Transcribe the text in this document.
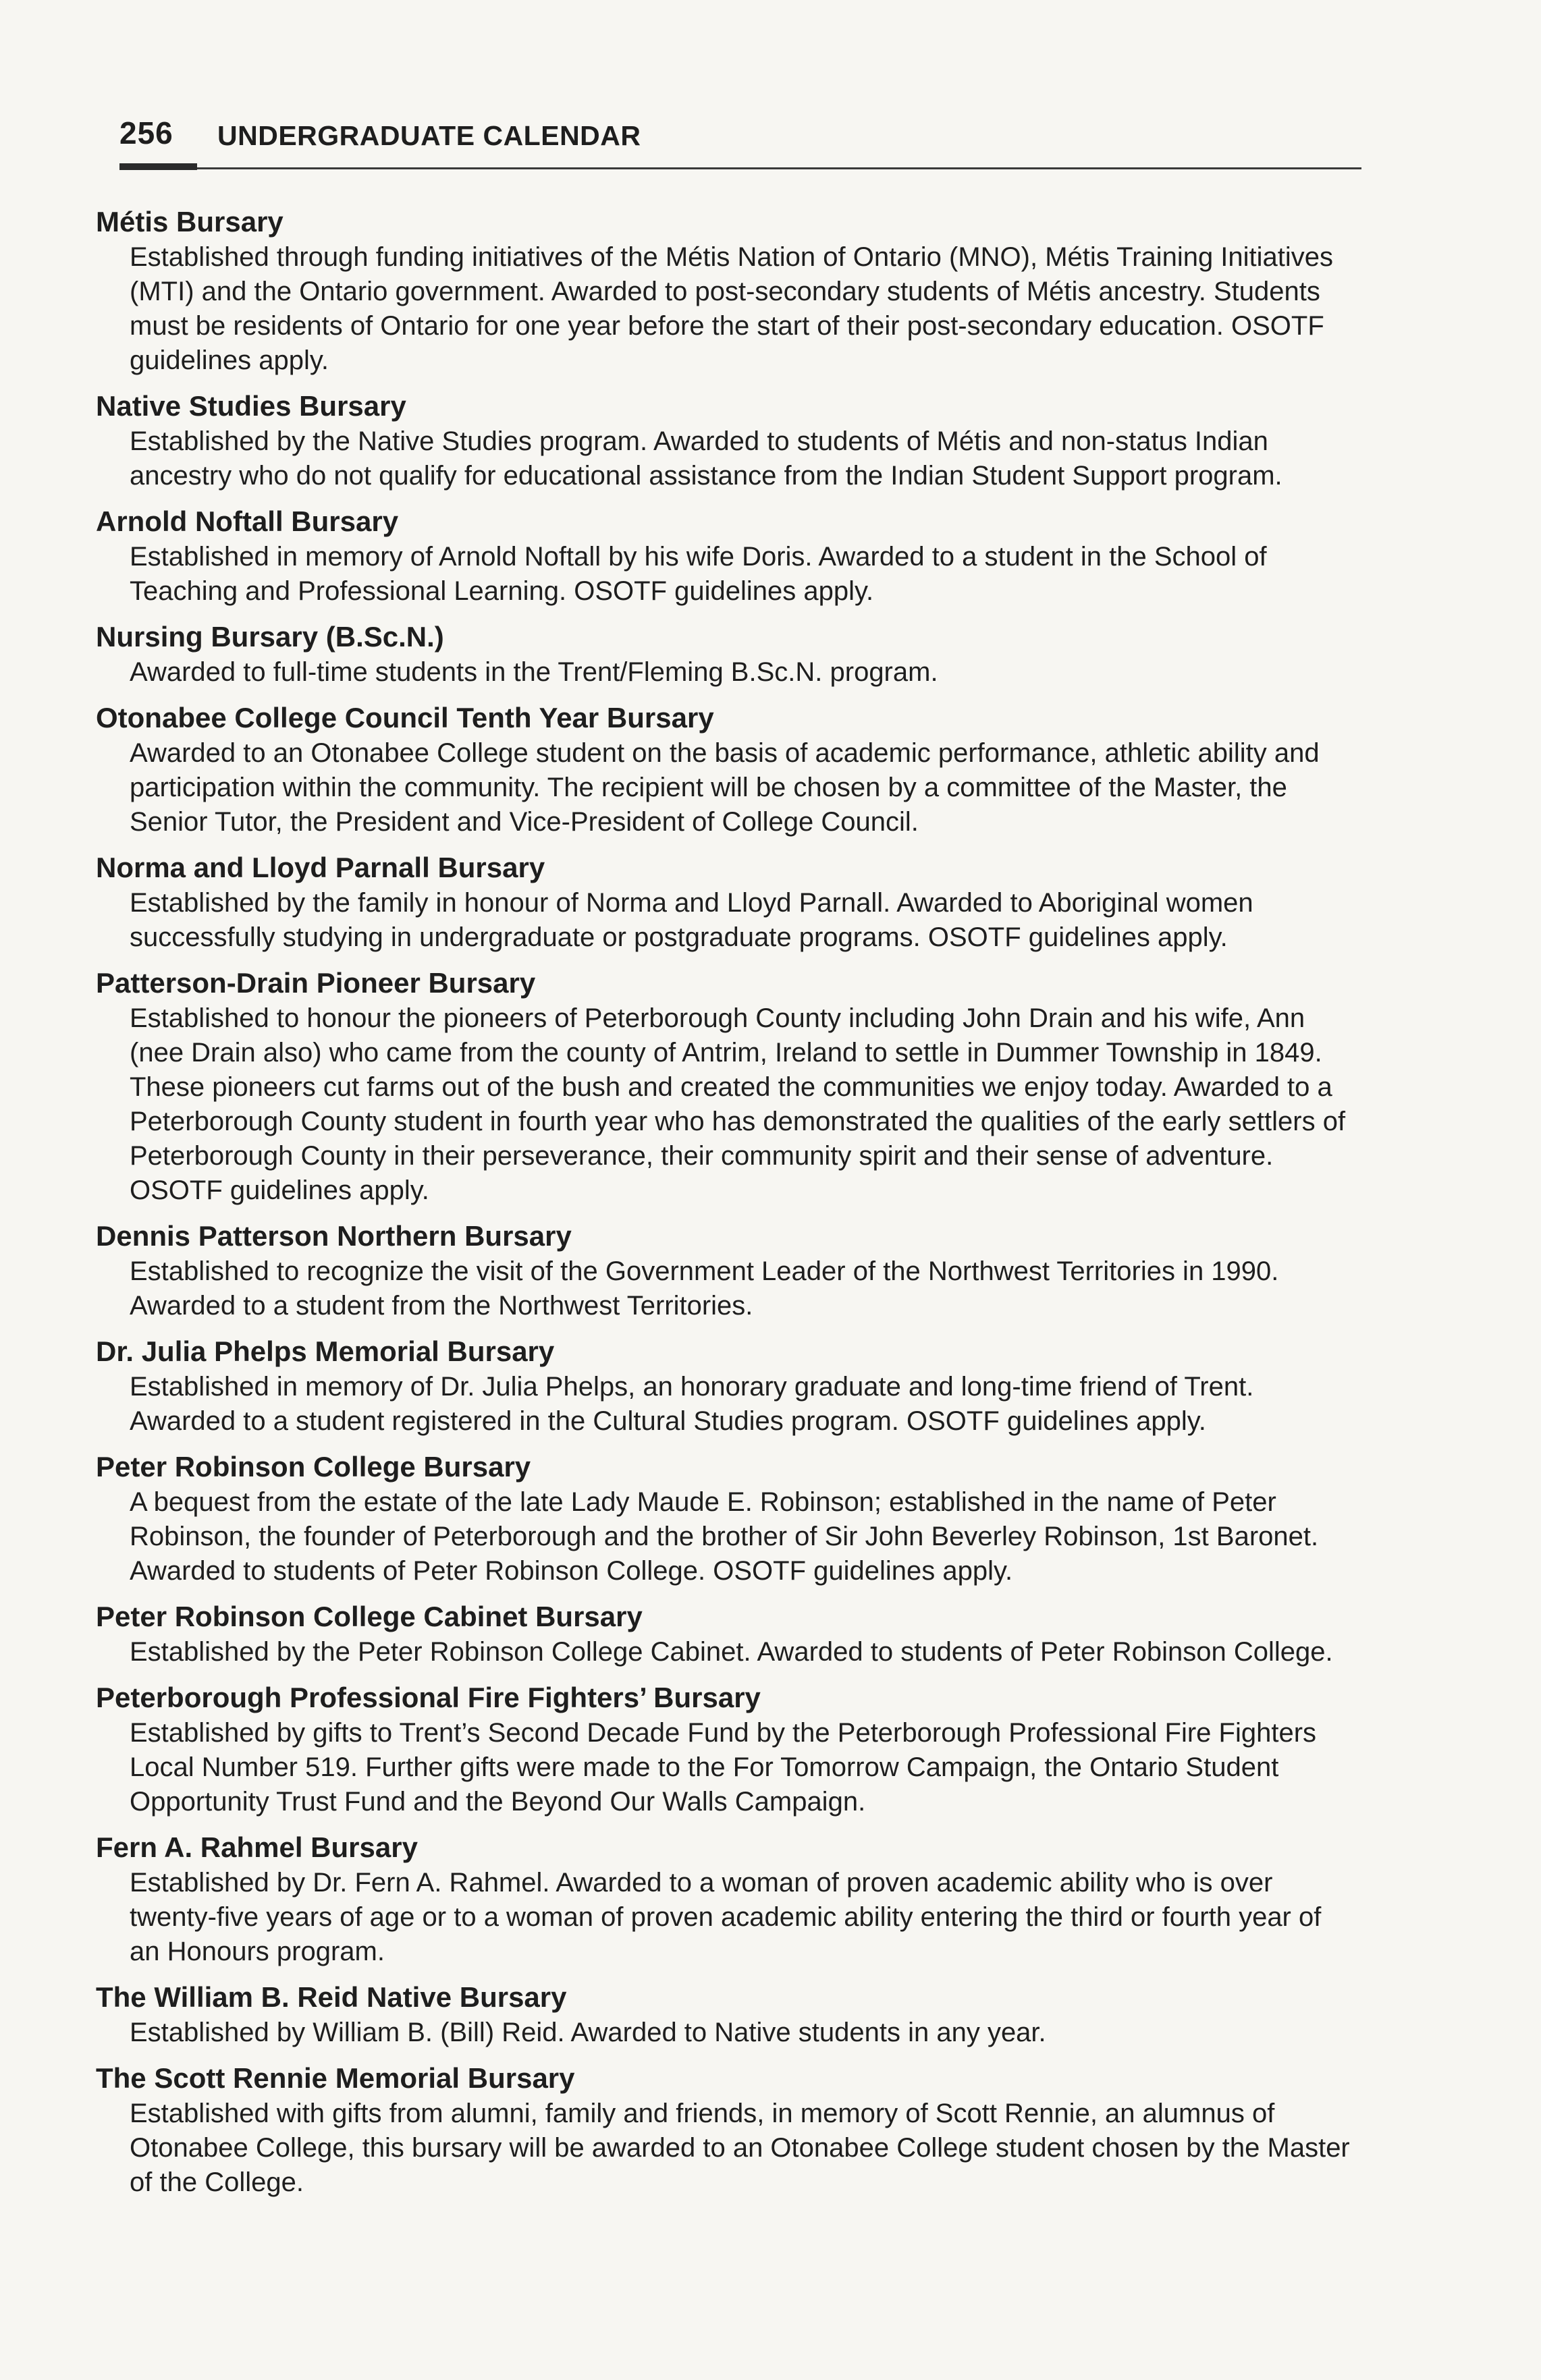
256 UNDERGRADUATE CALENDAR

Métis Bursary

Established through funding initiatives of the Métis Nation of Ontario (MNO), Métis Training Initiatives (MTI) and the Ontario government. Awarded to post-secondary students of Métis ancestry. Students must be residents of Ontario for one year before the start of their post-secondary education. OSOTF guidelines apply.

Native Studies Bursary

Established by the Native Studies program. Awarded to students of Métis and non-status Indian ancestry who do not qualify for educational assistance from the Indian Student Support program.

Arnold Noftall Bursary

Established in memory of Arnold Noftall by his wife Doris. Awarded to a student in the School of Teaching and Professional Learning. OSOTF guidelines apply.

Nursing Bursary (B.Sc.N.)

Awarded to full-time students in the Trent/Fleming B.Sc.N. program.

Otonabee College Council Tenth Year Bursary

Awarded to an Otonabee College student on the basis of academic performance, athletic ability and participation within the community. The recipient will be chosen by a committee of the Master, the Senior Tutor, the President and Vice-President of College Council.

Norma and Lloyd Parnall Bursary

Established by the family in honour of Norma and Lloyd Parnall. Awarded to Aboriginal women successfully studying in undergraduate or postgraduate programs. OSOTF guidelines apply.

Patterson-Drain Pioneer Bursary

Established to honour the pioneers of Peterborough County including John Drain and his wife, Ann (nee Drain also) who came from the county of Antrim, Ireland to settle in Dummer Township in 1849. These pioneers cut farms out of the bush and created the communities we enjoy today. Awarded to a Peterborough County student in fourth year who has demonstrated the qualities of the early settlers of Peterborough County in their perseverance, their community spirit and their sense of adventure. OSOTF guidelines apply.

Dennis Patterson Northern Bursary

Established to recognize the visit of the Government Leader of the Northwest Territories in 1990. Awarded to a student from the Northwest Territories.

Dr. Julia Phelps Memorial Bursary

Established in memory of Dr. Julia Phelps, an honorary graduate and long-time friend of Trent. Awarded to a student registered in the Cultural Studies program. OSOTF guidelines apply.

Peter Robinson College Bursary

A bequest from the estate of the late Lady Maude E. Robinson; established in the name of Peter Robinson, the founder of Peterborough and the brother of Sir John Beverley Robinson, 1st Baronet. Awarded to students of Peter Robinson College. OSOTF guidelines apply.

Peter Robinson College Cabinet Bursary

Established by the Peter Robinson College Cabinet. Awarded to students of Peter Robinson College.

Peterborough Professional Fire Fighters’ Bursary

Established by gifts to Trent’s Second Decade Fund by the Peterborough Professional Fire Fighters Local Number 519. Further gifts were made to the For Tomorrow Campaign, the Ontario Student Opportunity Trust Fund and the Beyond Our Walls Campaign.

Fern A. Rahmel Bursary

Established by Dr. Fern A. Rahmel. Awarded to a woman of proven academic ability who is over twenty-five years of age or to a woman of proven academic ability entering the third or fourth year of an Honours program.

The William B. Reid Native Bursary

Established by William B. (Bill) Reid. Awarded to Native students in any year.

The Scott Rennie Memorial Bursary

Established with gifts from alumni, family and friends, in memory of Scott Rennie, an alumnus of Otonabee College, this bursary will be awarded to an Otonabee College student chosen by the Master of the College.
